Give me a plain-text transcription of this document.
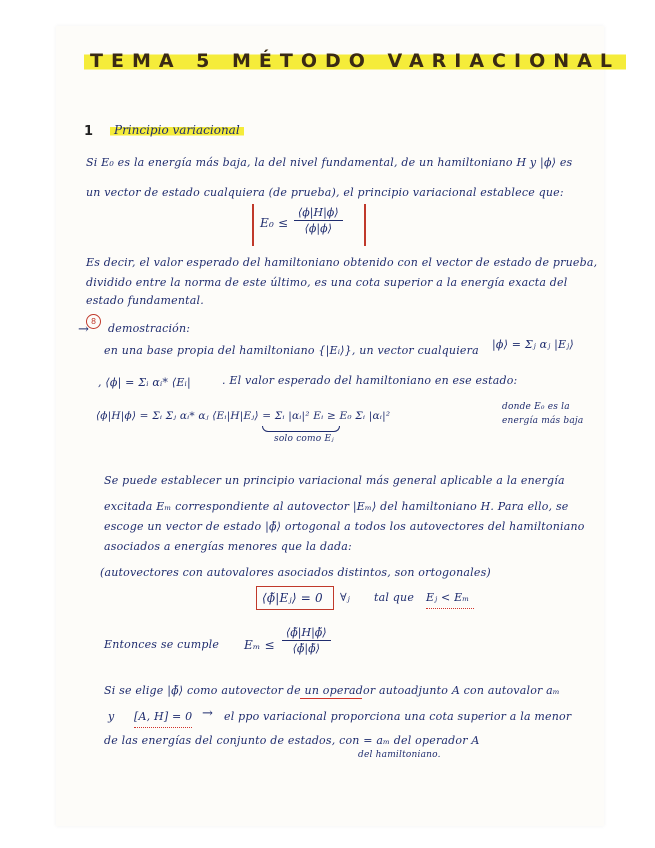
TEMA 5 MÉTODO VARIACIONAL
1	Principio variacional
Si E₀ es la energía más baja, la del nivel fundamental, de un hamiltoniano H y |ϕ⟩ es
un vector de estado cualquiera (de prueba), el principio variacional establece que:
$E_0 \le \frac{⟨\phi|H|\phi⟩}{⟨\phi|\phi⟩}$
Es decir, el valor esperado del hamiltoniano obtenido con el vector de estado de prueba,
dividido entre la norma de este último, es una cota superior a la energía exacta del
estado fundamental.
8
→ demostración:
en una base propia del hamiltoniano {|Eᵢ⟩}, un vector cualquiera |ϕ⟩ = Σⱼ αⱼ |Eⱼ⟩
, ⟨ϕ| = Σᵢ αᵢ* ⟨Eᵢ|	. El valor esperado del hamiltoniano en ese estado:
⟨ϕ|H|ϕ⟩ = Σᵢ Σⱼ αᵢ* αⱼ ⟨Eᵢ|H|Eⱼ⟩ = Σᵢ |αᵢ|² Eᵢ ≥ E₀ Σᵢ |αᵢ|²
solo como Eⱼ
donde E₀ es la
energía más baja
Se puede establecer un principio variacional más general aplicable a la energía
excitada Eₘ correspondiente al autovector |Eₘ⟩ del hamiltoniano H. Para ello, se
escoge un vector de estado |ϕ̃⟩ ortogonal a todos los autovectores del hamiltoniano
asociados a energías menores que la dada:
(autovectores con autovalores asociados distintos, son ortogonales)
⟨ϕ̃|Eⱼ⟩ = 0 ∀ⱼ tal que Eⱼ < Eₘ
Entonces se cumple $E_m \le \frac{⟨\phĩ|H|\phĩ⟩}{⟨\phĩ|\phĩ⟩}$
Si se elige |ϕ̃⟩ como autovector de un operador autoadjunto A con autovalor aₘ
y [A, H] = 0 → el ppo variacional proporciona una cota superior a la menor
de las energías del conjunto de estados, con = aₘ del operador A
del hamiltoniano.
